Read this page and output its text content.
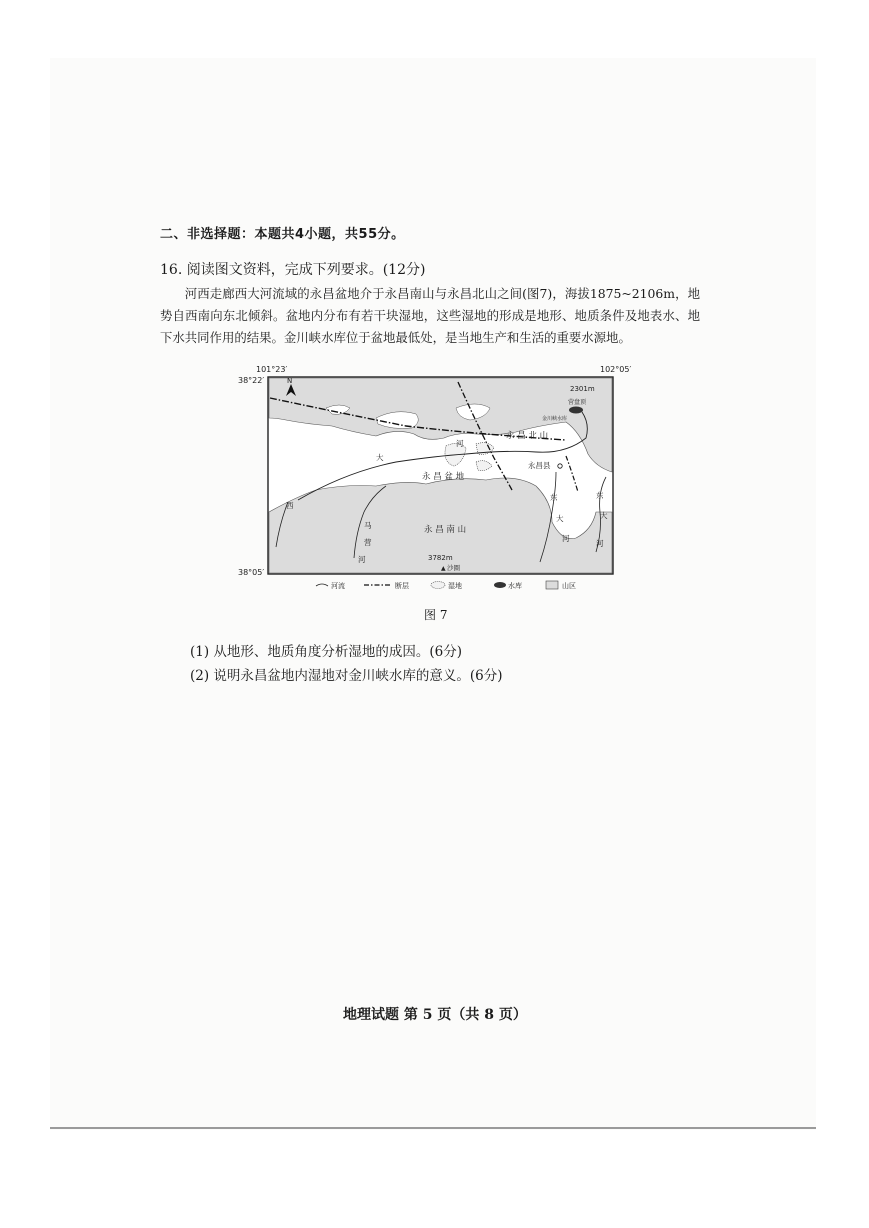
二、非选择题：本题共4小题，共55分。
16. 阅读图文资料，完成下列要求。(12分)
河西走廊西大河流域的永昌盆地介于永昌南山与永昌北山之间(图7)，海拔1875~2106m，地势自西南向东北倾斜。盆地内分布有若干块湿地，这些湿地的形成是地形、地质条件及地表水、地下水共同作用的结果。金川峡水库位于盆地最低处，是当地生产和生活的重要水源地。
101°23′	102°05′
38°22′
38°05′
N
永 昌 北 山
永 昌 盆 地
永 昌 南 山
永昌县
2301m
营盘顶
金川峡水库
3782m
▲ 沙圈
大
河
西
马
营
河
东
大
河
东
大
河
河流	断层	湿地	水库	山区
图 7
(1) 从地形、地质角度分析湿地的成因。(6分)
(2) 说明永昌盆地内湿地对金川峡水库的意义。(6分)
地理试题 第 5 页（共 8 页）
